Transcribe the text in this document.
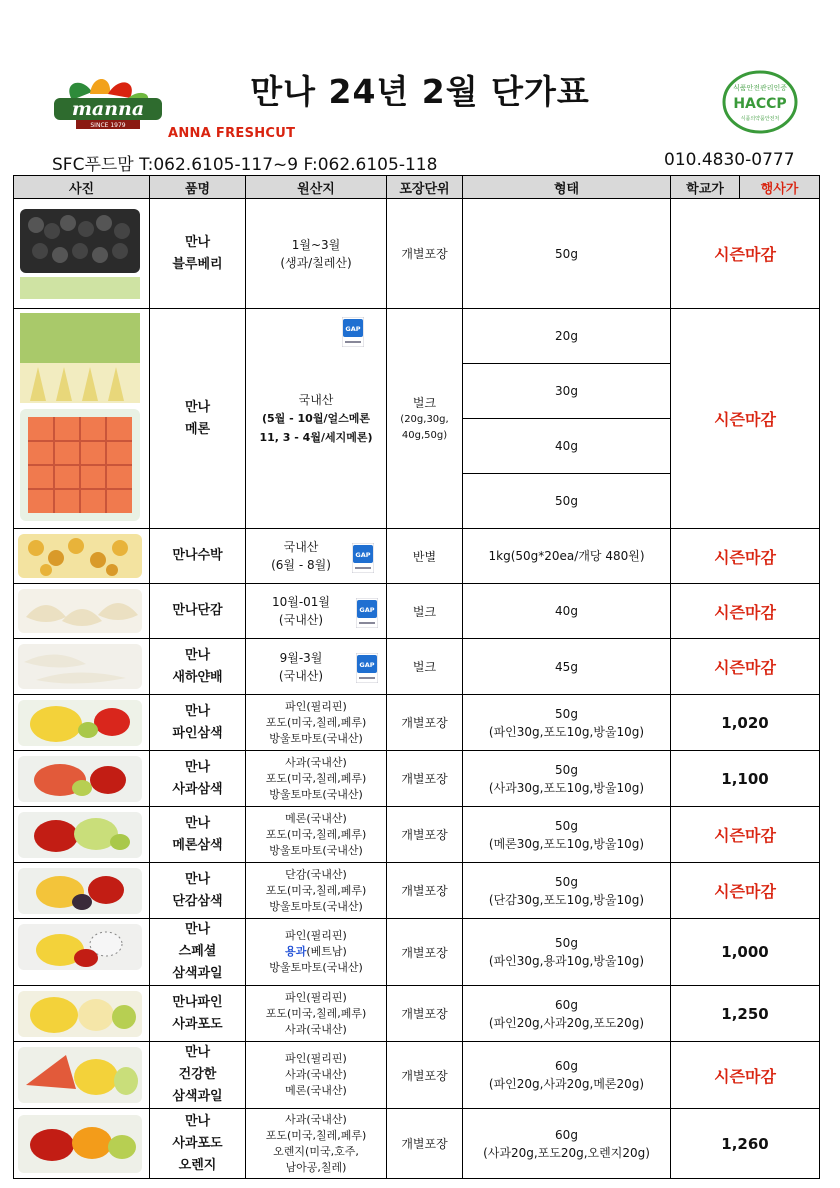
manna
SINCE 1979
ANNA FRESHCUT
만나 24년 2월 단가표	식품안전관리인증
HACCP
식품의약품안전처
SFC푸드맘 T:062.6105-117~9 F:062.6105-118	010.4830-0777
사진	품명	원산지	포장단위	형태	학교가	행사가

	만나
블루베리	1월~3월
(생과/칠레산)	개별포장	50g	시즌마감	

	만나
메론	GAP
국내산
(5월 - 10월/얼스메론
11, 3 - 4월/세지메론)	벌크
(20g,30g,
40g,50g)	20g	시즌마감	
				30g		
				40g		
				50g		

	만나수박	GAP
국내산
(6월 - 8월)	반별	1kg(50g*20ea/개당 480원)	시즌마감	

	만나단감	GAP
10월-01월
(국내산)	벌크	40g	시즌마감	

	만나
새하얀배	GAP
9월-3월
(국내산)	벌크	45g	시즌마감	

	만나
파인삼색	파인(필리핀)
포도(미국,칠레,페루)
방울토마토(국내산)	개별포장	50g
(파인30g,포도10g,방울10g)	1,020	

	만나
사과삼색	사과(국내산)
포도(미국,칠레,페루)
방울토마토(국내산)	개별포장	50g
(사과30g,포도10g,방울10g)	1,100	

	만나
메론삼색	메론(국내산)
포도(미국,칠레,페루)
방울토마토(국내산)	개별포장	50g
(메론30g,포도10g,방울10g)	시즌마감	

	만나
단감삼색	단감(국내산)
포도(미국,칠레,페루)
방울토마토(국내산)	개별포장	50g
(단감30g,포도10g,방울10g)	시즌마감	

	만나
스페셜
삼색과일	파인(필리핀)
용과(베트남)
방울토마토(국내산)	개별포장	50g
(파인30g,용과10g,방울10g)	1,000	

	만나파인
사과포도	파인(필리핀)
포도(미국,칠레,페루)
사과(국내산)	개별포장	60g
(파인20g,사과20g,포도20g)	1,250	

	만나
건강한
삼색과일	파인(필리핀)
사과(국내산)
메론(국내산)	개별포장	60g
(파인20g,사과20g,메론20g)	시즌마감	

	만나
사과포도
오렌지	사과(국내산)
포도(미국,칠레,페루)
오렌지(미국,호주,
남아공,칠레)	개별포장	60g
(사과20g,포도20g,오렌지20g)	1,260	
